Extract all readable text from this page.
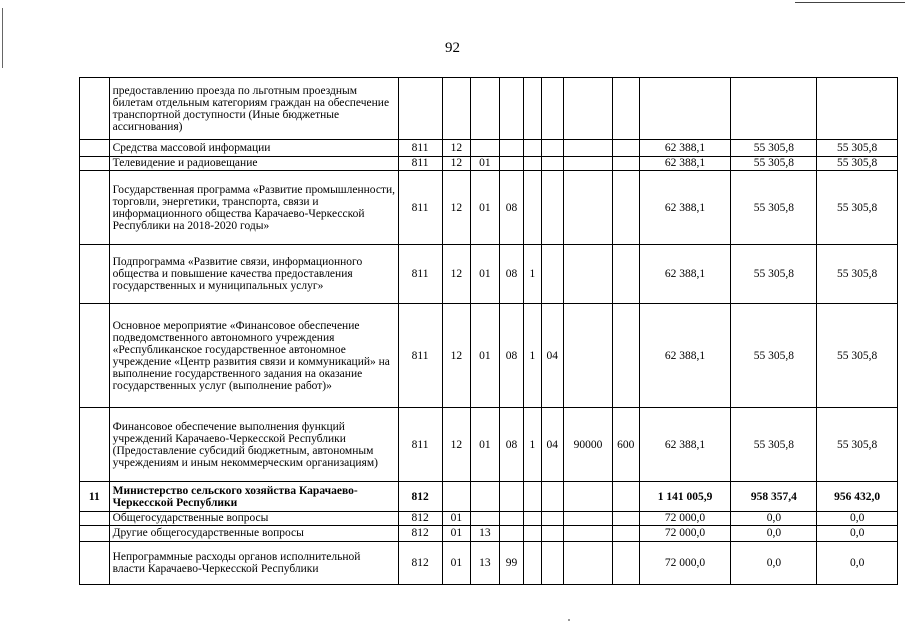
92
	предоставлению проезда по льготным проездным билетам отдельным категориям граждан на обеспечение транспортной доступности (Иные бюджетные ассигнования)											
	Средства массовой информации	811	12							62 388,1	55 305,8	55 305,8
	Телевидение и радиовещание	811	12	01						62 388,1	55 305,8	55 305,8
	Государственная программа «Развитие промышленности, торговли, энергетики, транспорта, связи и информационного общества Карачаево-Черкесской Республики на 2018-2020 годы»	811	12	01	08					62 388,1	55 305,8	55 305,8
	Подпрограмма «Развитие связи, информационного общества и повышение качества предоставления государственных и муниципальных услуг»	811	12	01	08	1				62 388,1	55 305,8	55 305,8
	Основное мероприятие «Финансовое обеспечение подведомственного автономного учреждения «Республиканское государственное автономное учреждение «Центр развития связи и коммуникаций» на выполнение государственного задания на оказание государственных услуг (выполнение работ)»	811	12	01	08	1	04			62 388,1	55 305,8	55 305,8
	Финансовое обеспечение выполнения функций учреждений Карачаево-Черкесской Республики (Предоставление субсидий бюджетным, автономным учреждениям и иным некоммерческим организациям)	811	12	01	08	1	04	90000	600	62 388,1	55 305,8	55 305,8
11	Министерство сельского хозяйства Карачаево-Черкесской Республики	812								1 141 005,9	958 357,4	956 432,0
	Общегосударственные вопросы	812	01							72 000,0	0,0	0,0
	Другие общегосударственные вопросы	812	01	13						72 000,0	0,0	0,0
	Непрограммные расходы органов исполнительной власти Карачаево-Черкесской Республики	812	01	13	99					72 000,0	0,0	0,0
